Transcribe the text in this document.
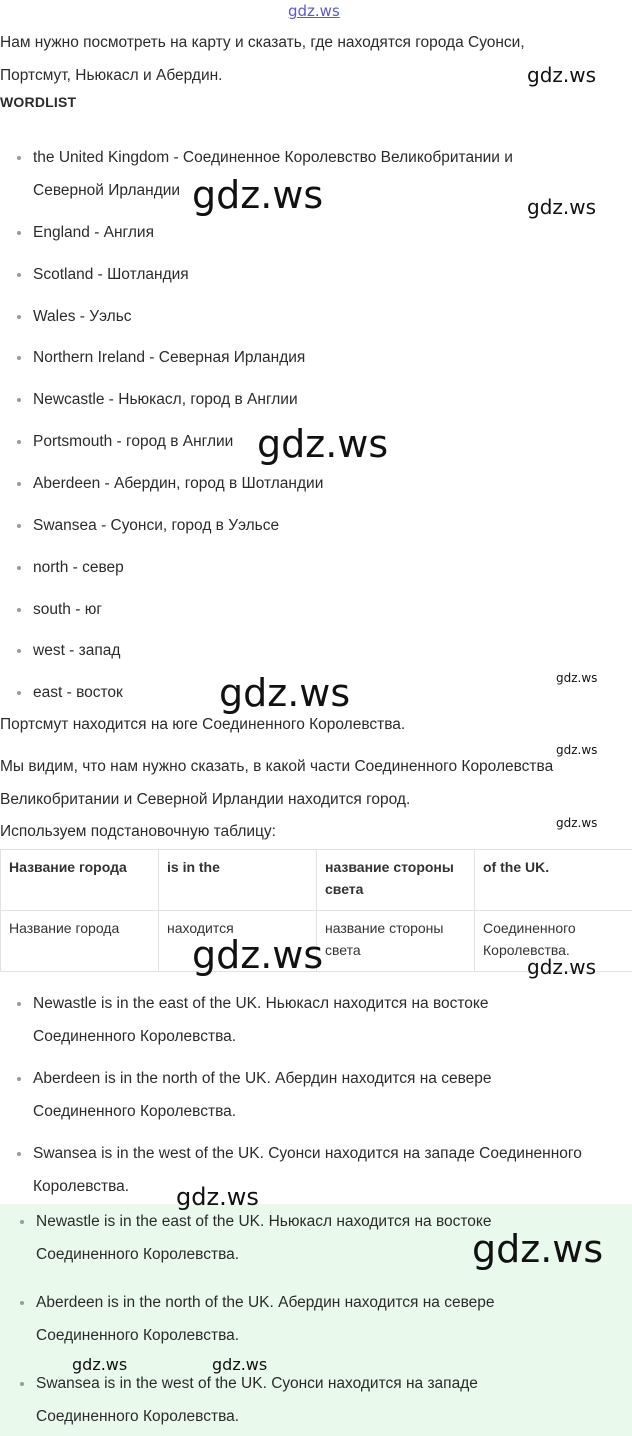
gdz.ws
Нам нужно посмотреть на карту и сказать, где находятся города Суонси,
Портсмут, Ньюкасл и Абердин.
WORDLIST
the United Kingdom - Соединенное Королевство Великобритании и
Северной Ирландии
England - Англия
Scotland - Шотландия
Wales - Уэльс
Northern Ireland - Северная Ирландия
Newcastle - Ньюкасл, город в Англии
Portsmouth - город в Англии
Aberdeen - Абердин, город в Шотландии
Swansea - Суонси, город в Уэльсе
north - север
south - юг
west - запад
east - восток
Портсмут находится на юге Соединенного Королевства.
Мы видим, что нам нужно сказать, в какой части Соединенного Королевства
Великобритании и Северной Ирландии находится город.
Используем подстановочную таблицу:
Название города	is in the	название стороны света	of the UK.
Название города	находится	название стороны света	Соединенного Королевства.
Newastle is in the east of the UK. Ньюкасл находится на востоке
Соединенного Королевства.
Aberdeen is in the north of the UK. Абердин находится на севере
Соединенного Королевства.
Swansea is in the west of the UK. Суонси находится на западе Соединенного
Королевства.
Newastle is in the east of the UK. Ньюкасл находится на востоке
Соединенного Королевства.
Aberdeen is in the north of the UK. Абердин находится на севере
Соединенного Королевства.
Swansea is in the west of the UK. Суонси находится на западе
Соединенного Королевства.
gdz.ws
gdz.ws	gdz.ws
gdz.ws
gdz.ws
gdz.ws
gdz.ws
gdz.ws
gdz.ws	gdz.ws
gdz.ws
gdz.ws
gdz.ws	gdz.ws
